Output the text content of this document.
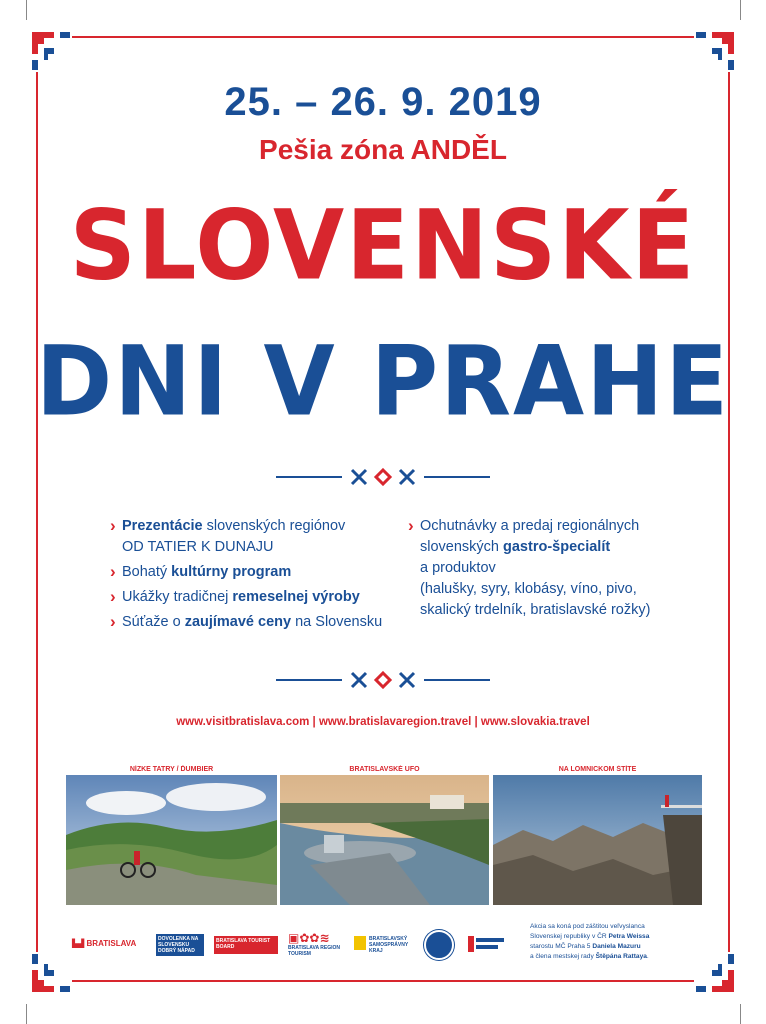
25. – 26. 9. 2019
Pešia zóna ANDĚL
SLOVENSKÉ
DNI V PRAHE
› Prezentácie slovenských regiónov
OD TATIER K DUNAJU
› Bohatý kultúrny program
› Ukážky tradičnej remeselnej výroby
› Súťaže o zaujímavé ceny na Slovensku
› Ochutnávky a predaj regionálnych
slovenských gastro-špecialít
a produktov
(halušky, syry, klobásy, víno, pivo,
skalický trdelník, bratislavské rožky)
www.visitbratislava.com | www.bratislavaregion.travel | www.slovakia.travel
NÍZKE TATRY / ĎUMBIER	BRATISLAVSKÉ UFO	NA LOMNICKOM ŠTÍTE
▙▟ BRATISLAVA	DOVOLENKA NA SLOVENSKU DOBRÝ NÁPAD
BRATISLAVA TOURIST BOARD
▣✿✿≋
BRATISLAVA REGION TOURISM
BRATISLAVSKÝ SAMOSPRÁVNY KRAJ
Akcia sa koná pod záštitou veľvyslanca
Slovenskej republiky v ČR Petra Weissa
starostu MČ Praha 5 Daniela Mazuru
a člena mestskej rady Štěpána Rattaya.
